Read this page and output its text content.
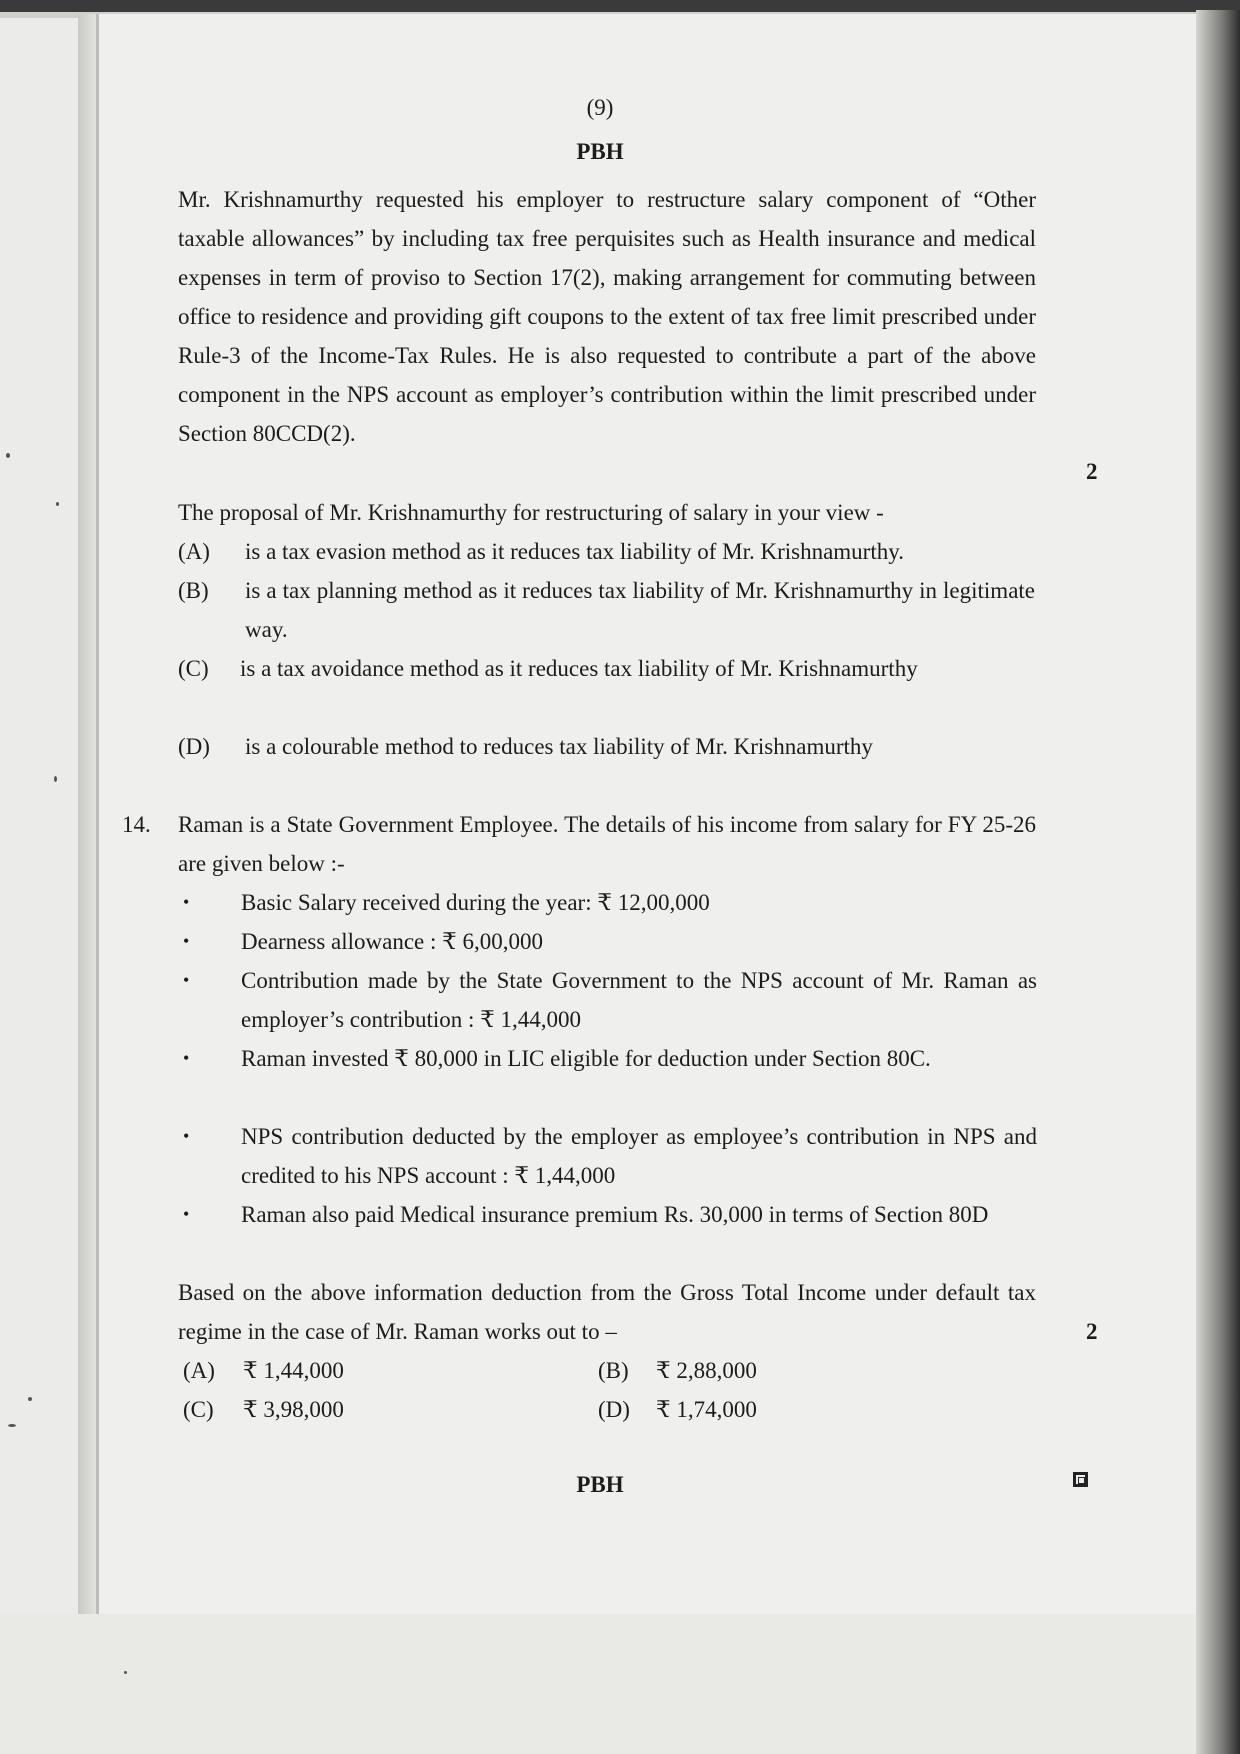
(9)
PBH
Mr. Krishnamurthy requested his employer to restructure salary component of “Other taxable allowances” by including tax free perquisites such as Health insurance and medical expenses in term of proviso to Section 17(2), making arrangement for commuting between office to residence and providing gift coupons to the extent of tax free limit prescribed under Rule-3 of the Income-Tax Rules. He is also requested to contribute a part of the above component in the NPS account as employer’s contribution within the limit prescribed under Section 80CCD(2).
2
The proposal of Mr. Krishnamurthy for restructuring of salary in your view -
(A) is a tax evasion method as it reduces tax liability of Mr. Krishnamurthy.
(B) is a tax planning method as it reduces tax liability of Mr. Krishnamurthy in legitimate way.
(C) is a tax avoidance method as it reduces tax liability of Mr. Krishnamurthy
(D) is a colourable method to reduces tax liability of Mr. Krishnamurthy
14. Raman is a State Government Employee. The details of his income from salary for FY 25-26 are given below :-
• Basic Salary received during the year: ₹ 12,00,000
• Dearness allowance : ₹ 6,00,000
• Contribution made by the State Government to the NPS account of Mr. Raman as employer’s contribution : ₹ 1,44,000
• Raman invested ₹ 80,000 in LIC eligible for deduction under Section 80C.
• NPS contribution deducted by the employer as employee’s contribution in NPS and credited to his NPS account : ₹ 1,44,000
• Raman also paid Medical insurance premium Rs. 30,000 in terms of Section 80D
Based on the above information deduction from the Gross Total Income under default tax regime in the case of Mr. Raman works out to –	2
(A) ₹ 1,44,000	(B) ₹ 2,88,000
(C) ₹ 3,98,000	(D) ₹ 1,74,000
PBH
